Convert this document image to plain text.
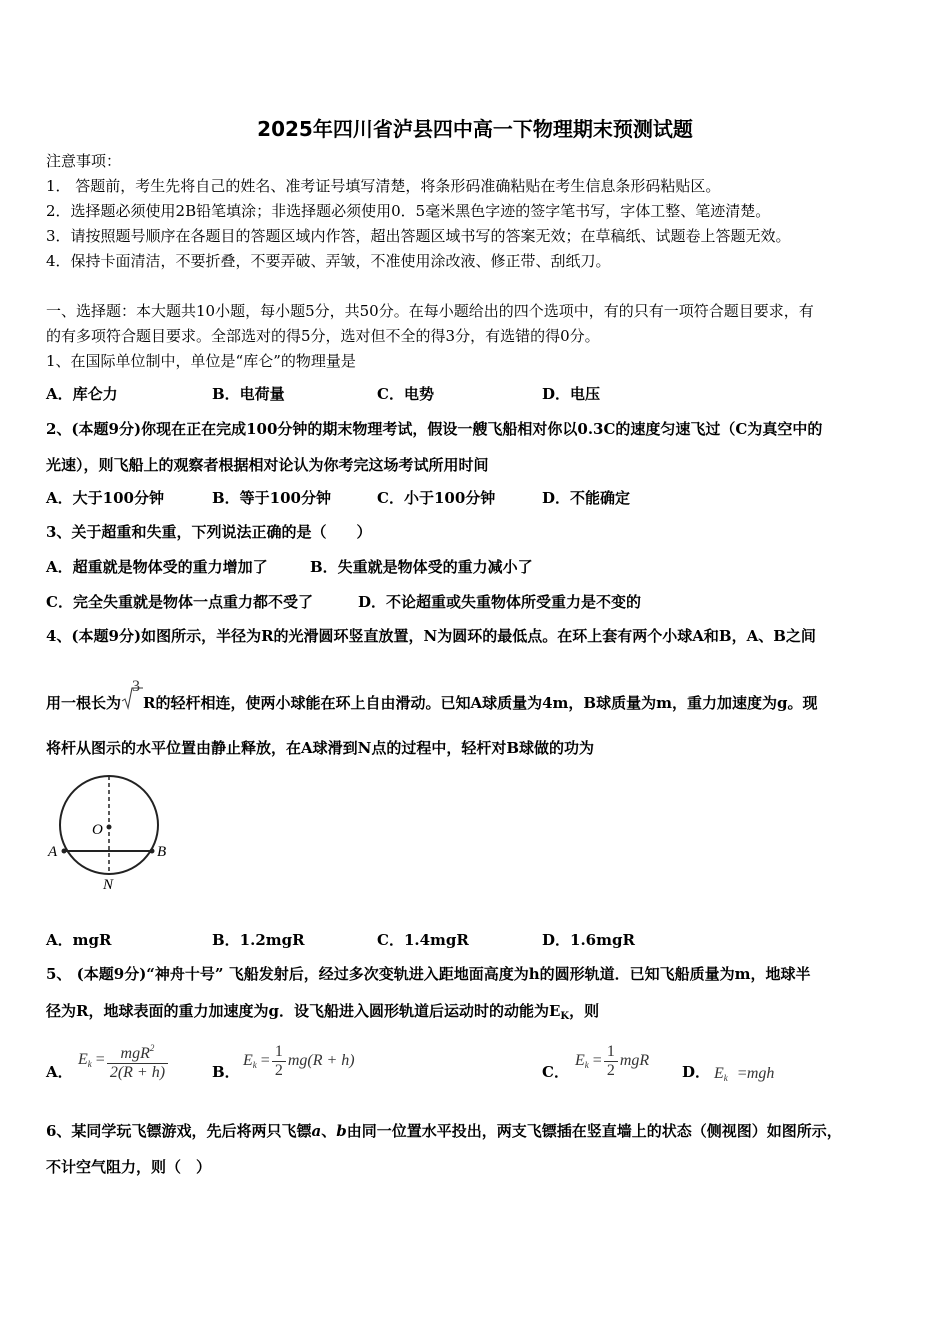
2025年四川省泸县四中高一下物理期末预测试题
注意事项：
1． 答题前，考生先将自己的姓名、准考证号填写清楚，将条形码准确粘贴在考生信息条形码粘贴区。
2．选择题必须使用2B铅笔填涂；非选择题必须使用0．5毫米黑色字迹的签字笔书写，字体工整、笔迹清楚。
3．请按照题号顺序在各题目的答题区域内作答，超出答题区域书写的答案无效；在草稿纸、试题卷上答题无效。
4．保持卡面清洁，不要折叠，不要弄破、弄皱，不准使用涂改液、修正带、刮纸刀。
一、选择题：本大题共10小题，每小题5分，共50分。在每小题给出的四个选项中，有的只有一项符合题目要求，有
的有多项符合题目要求。全部选对的得5分，选对但不全的得3分，有选错的得0分。
1、在国际单位制中，单位是“库仑”的物理量是
A．库仑力	B．电荷量	C．电势	D．电压
2、(本题9分)你现在正在完成100分钟的期末物理考试，假设一艘飞船相对你以0.3C的速度匀速飞过（C为真空中的
光速），则飞船上的观察者根据相对论认为你考完这场考试所用时间
A．大于100分钟	B．等于100分钟	C．小于100分钟	D．不能确定
3、关于超重和失重，下列说法正确的是（　　）
A．超重就是物体受的重力增加了	B．失重就是物体受的重力减小了
C．完全失重就是物体一点重力都不受了	D．不论超重或失重物体所受重力是不变的
4、(本题9分)如图所示，半径为R的光滑圆环竖直放置，N为圆环的最低点。在环上套有两个小球A和B，A、B之间
用一根长为
3
R的轻杆相连，使两小球能在环上自由滑动。已知A球质量为4m，B球质量为m，重力加速度为g。现
将杆从图示的水平位置由静止释放，在A球滑到N点的过程中，轻杆对B球做的功为
O
A	B
N
A．mgR	B．1.2mgR	C．1.4mgR	D．1.6mgR
5、 (本题9分)“神舟十号” 飞船发射后，经过多次变轨进入距地面高度为h的圆形轨道．已知飞船质量为m，地球半
径为R，地球表面的重力加速度为g．设飞船进入圆形轨道后运动时的动能为$E_K$，则
A．
$E_k = \frac{mgR^2}{2(R + h)}$	B．
$E_k = \frac{1}{2} mg(R + h)$
C．
$E_k = \frac{1}{2}$ mgR
D． $E_k =mgh$
6、某同学玩飞镖游戏，先后将两只飞镖a、b由同一位置水平投出，两支飞镖插在竖直墙上的状态（侧视图）如图所示，
不计空气阻力，则（　）
